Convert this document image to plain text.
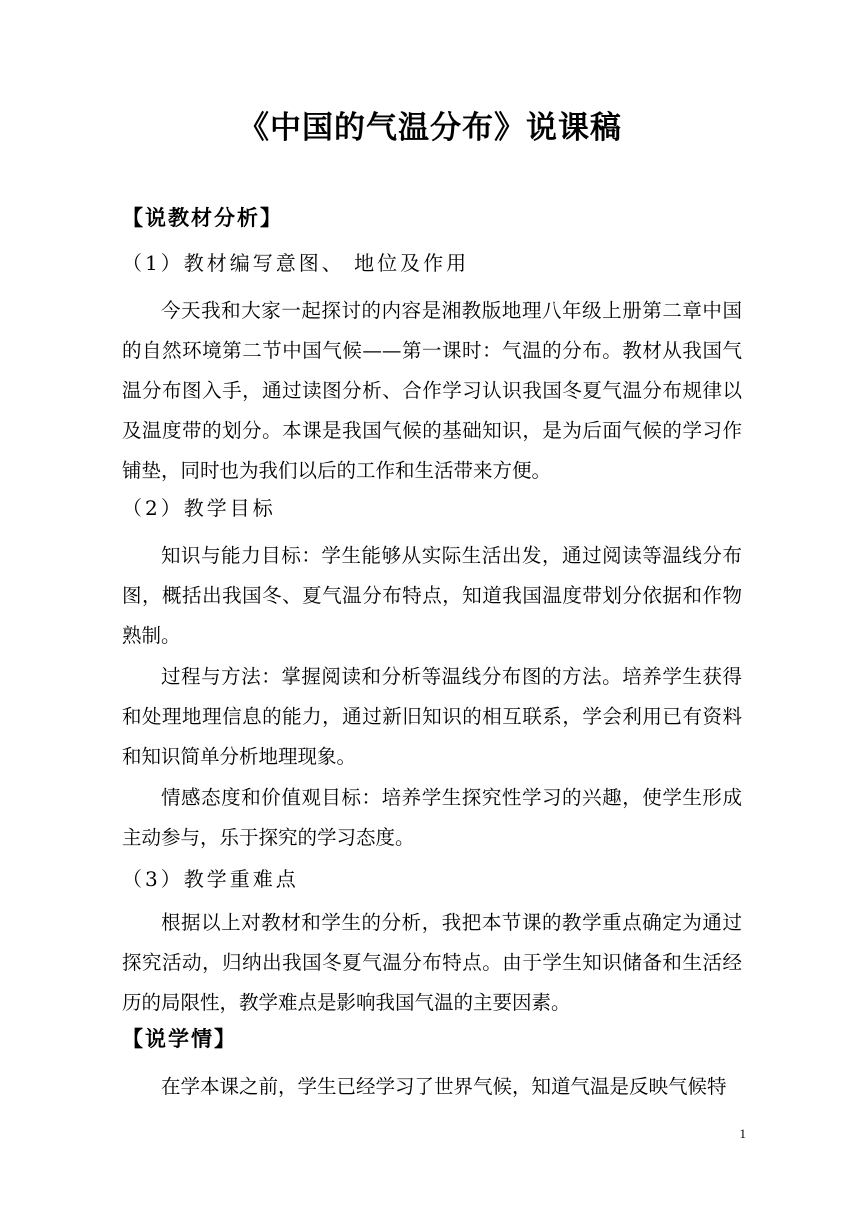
《中国的气温分布》说课稿
【说教材分析】
（1）教材编写意图、 地位及作用

今天我和大家一起探讨的内容是湘教版地理八年级上册第二章中国的自然环境第二节中国气候——第一课时：气温的分布。教材从我国气温分布图入手，通过读图分析、合作学习认识我国冬夏气温分布规律以及温度带的划分。本课是我国气候的基础知识，是为后面气候的学习作铺垫，同时也为我们以后的工作和生活带来方便。

（2）教学目标

知识与能力目标：学生能够从实际生活出发，通过阅读等温线分布图，概括出我国冬、夏气温分布特点，知道我国温度带划分依据和作物熟制。

过程与方法：掌握阅读和分析等温线分布图的方法。培养学生获得和处理地理信息的能力，通过新旧知识的相互联系，学会利用已有资料和知识简单分析地理现象。

情感态度和价值观目标：培养学生探究性学习的兴趣，使学生形成主动参与，乐于探究的学习态度。

（3）教学重难点

根据以上对教材和学生的分析，我把本节课的教学重点确定为通过探究活动，归纳出我国冬夏气温分布特点。由于学生知识储备和生活经历的局限性，教学难点是影响我国气温的主要因素。

【说学情】

在学本课之前，学生已经学习了世界气候，知道气温是反映气候特

1
